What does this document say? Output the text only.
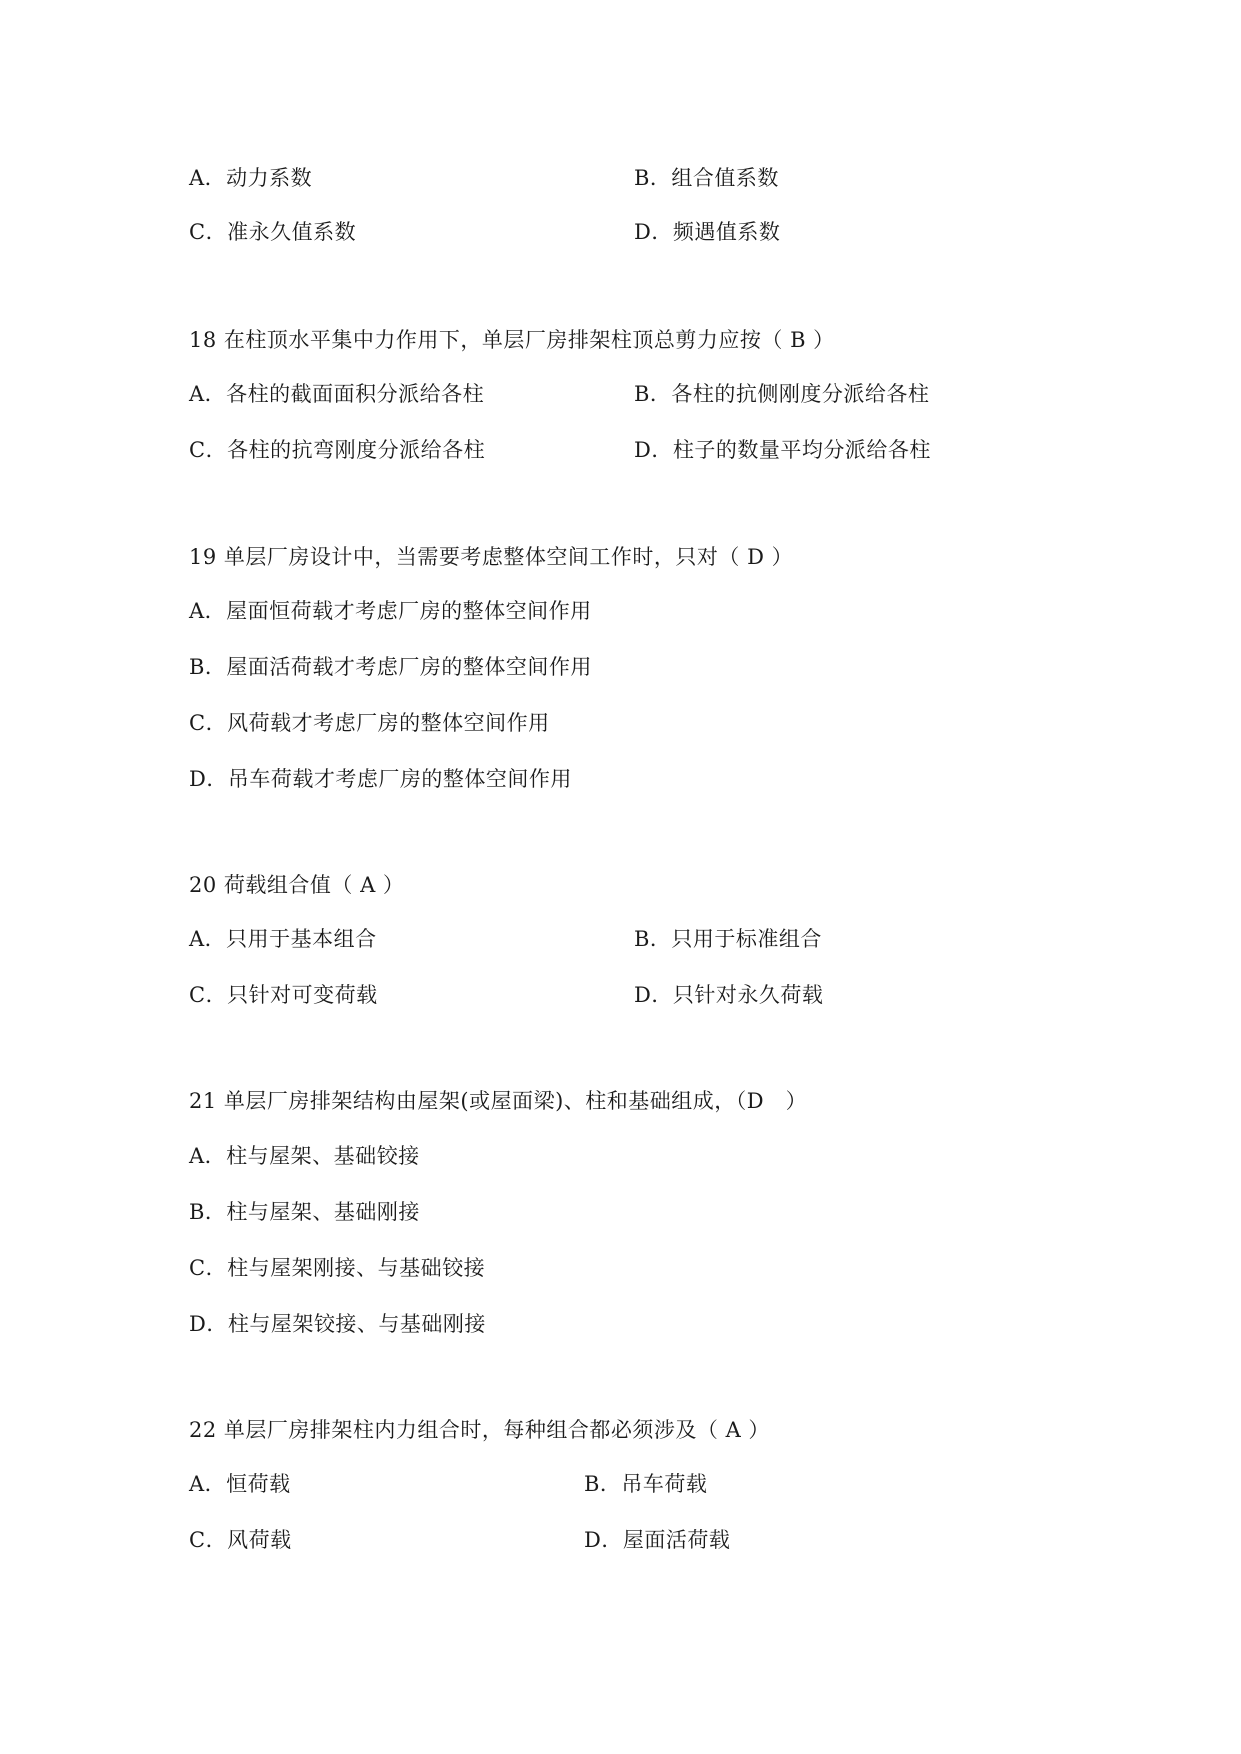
A．动力系数	B．组合值系数
C．准永久值系数	D．频遇值系数
18 在柱顶水平集中力作用下，单层厂房排架柱顶总剪力应按（ B ）
A．各柱的截面面积分派给各柱	B．各柱的抗侧刚度分派给各柱
C．各柱的抗弯刚度分派给各柱	D．柱子的数量平均分派给各柱
19 单层厂房设计中，当需要考虑整体空间工作时，只对（ D ）
A．屋面恒荷载才考虑厂房的整体空间作用
B．屋面活荷载才考虑厂房的整体空间作用
C．风荷载才考虑厂房的整体空间作用
D．吊车荷载才考虑厂房的整体空间作用
20 荷载组合值（ A ）
A．只用于基本组合	B．只用于标准组合
C．只针对可变荷载	D．只针对永久荷载
21 单层厂房排架结构由屋架(或屋面梁)、柱和基础组成，（D　）
A．柱与屋架、基础铰接
B．柱与屋架、基础刚接
C．柱与屋架刚接、与基础铰接
D．柱与屋架铰接、与基础刚接
22 单层厂房排架柱内力组合时，每种组合都必须涉及（ A ）
A．恒荷载	B．吊车荷载
C．风荷载	D．屋面活荷载
